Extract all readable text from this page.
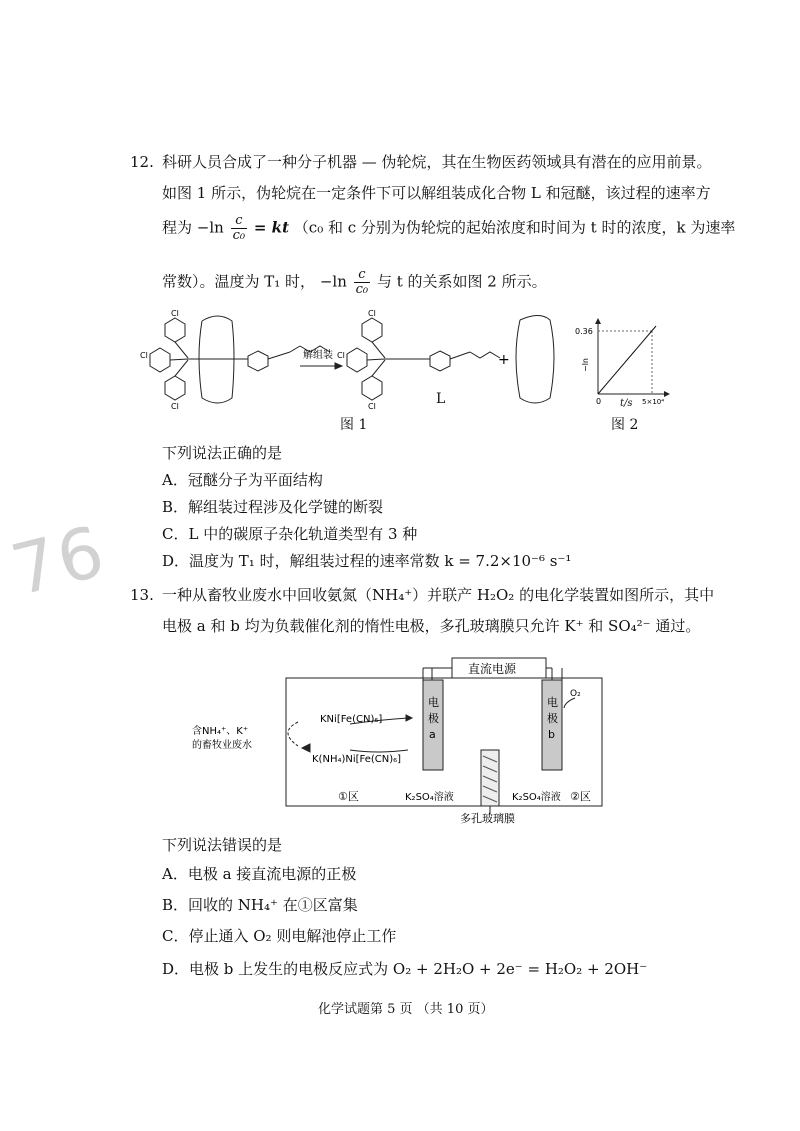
76
12. 科研人员合成了一种分子机器 — 伪轮烷，其在生物医药领域具有潜在的应用前景。
如图 1 所示，伪轮烷在一定条件下可以解组装成化合物 L 和冠醚，该过程的速率方
程为 $-\ln \frac{c}{\text{c₀}}$ = kt （c₀ 和 c 分别为伪轮烷的起始浓度和时间为 t 时的浓度，k 为速率
常数）。温度为 T₁ 时， $-\ln \frac{c}{\text{c₀}}$ 与 t 的关系如图 2 所示。
Cl
Cl
Cl
Cl
Cl
Cl
解组装	+
L
图 1
0.36
0	5×10⁴
−ln
t/s
图 2
下列说法正确的是
A．冠醚分子为平面结构
B．解组装过程涉及化学键的断裂
C．L 中的碳原子杂化轨道类型有 3 种
D．温度为 T₁ 时，解组装过程的速率常数 k = 7.2×10⁻⁶ s⁻¹
13. 一种从畜牧业废水中回收氨氮（NH₄⁺）并联产 H₂O₂ 的电化学装置如图所示，其中
电极 a 和 b 均为负载催化剂的惰性电极，多孔玻璃膜只允许 K⁺ 和 SO₄²⁻ 通过。
直流电源
电
极
a
电
极
b
O₂
KNi[Fe(CN)₆]
K(NH₄)Ni[Fe(CN)₆]
含NH₄⁺、K⁺
的畜牧业废水
①区	K₂SO₄溶液	K₂SO₄溶液 ②区
多孔玻璃膜
下列说法错误的是
A．电极 a 接直流电源的正极
B．回收的 NH₄⁺ 在①区富集
C．停止通入 O₂ 则电解池停止工作
D．电极 b 上发生的电极反应式为 O₂ + 2H₂O + 2e⁻ = H₂O₂ + 2OH⁻
化学试题第 5 页 （共 10 页）
